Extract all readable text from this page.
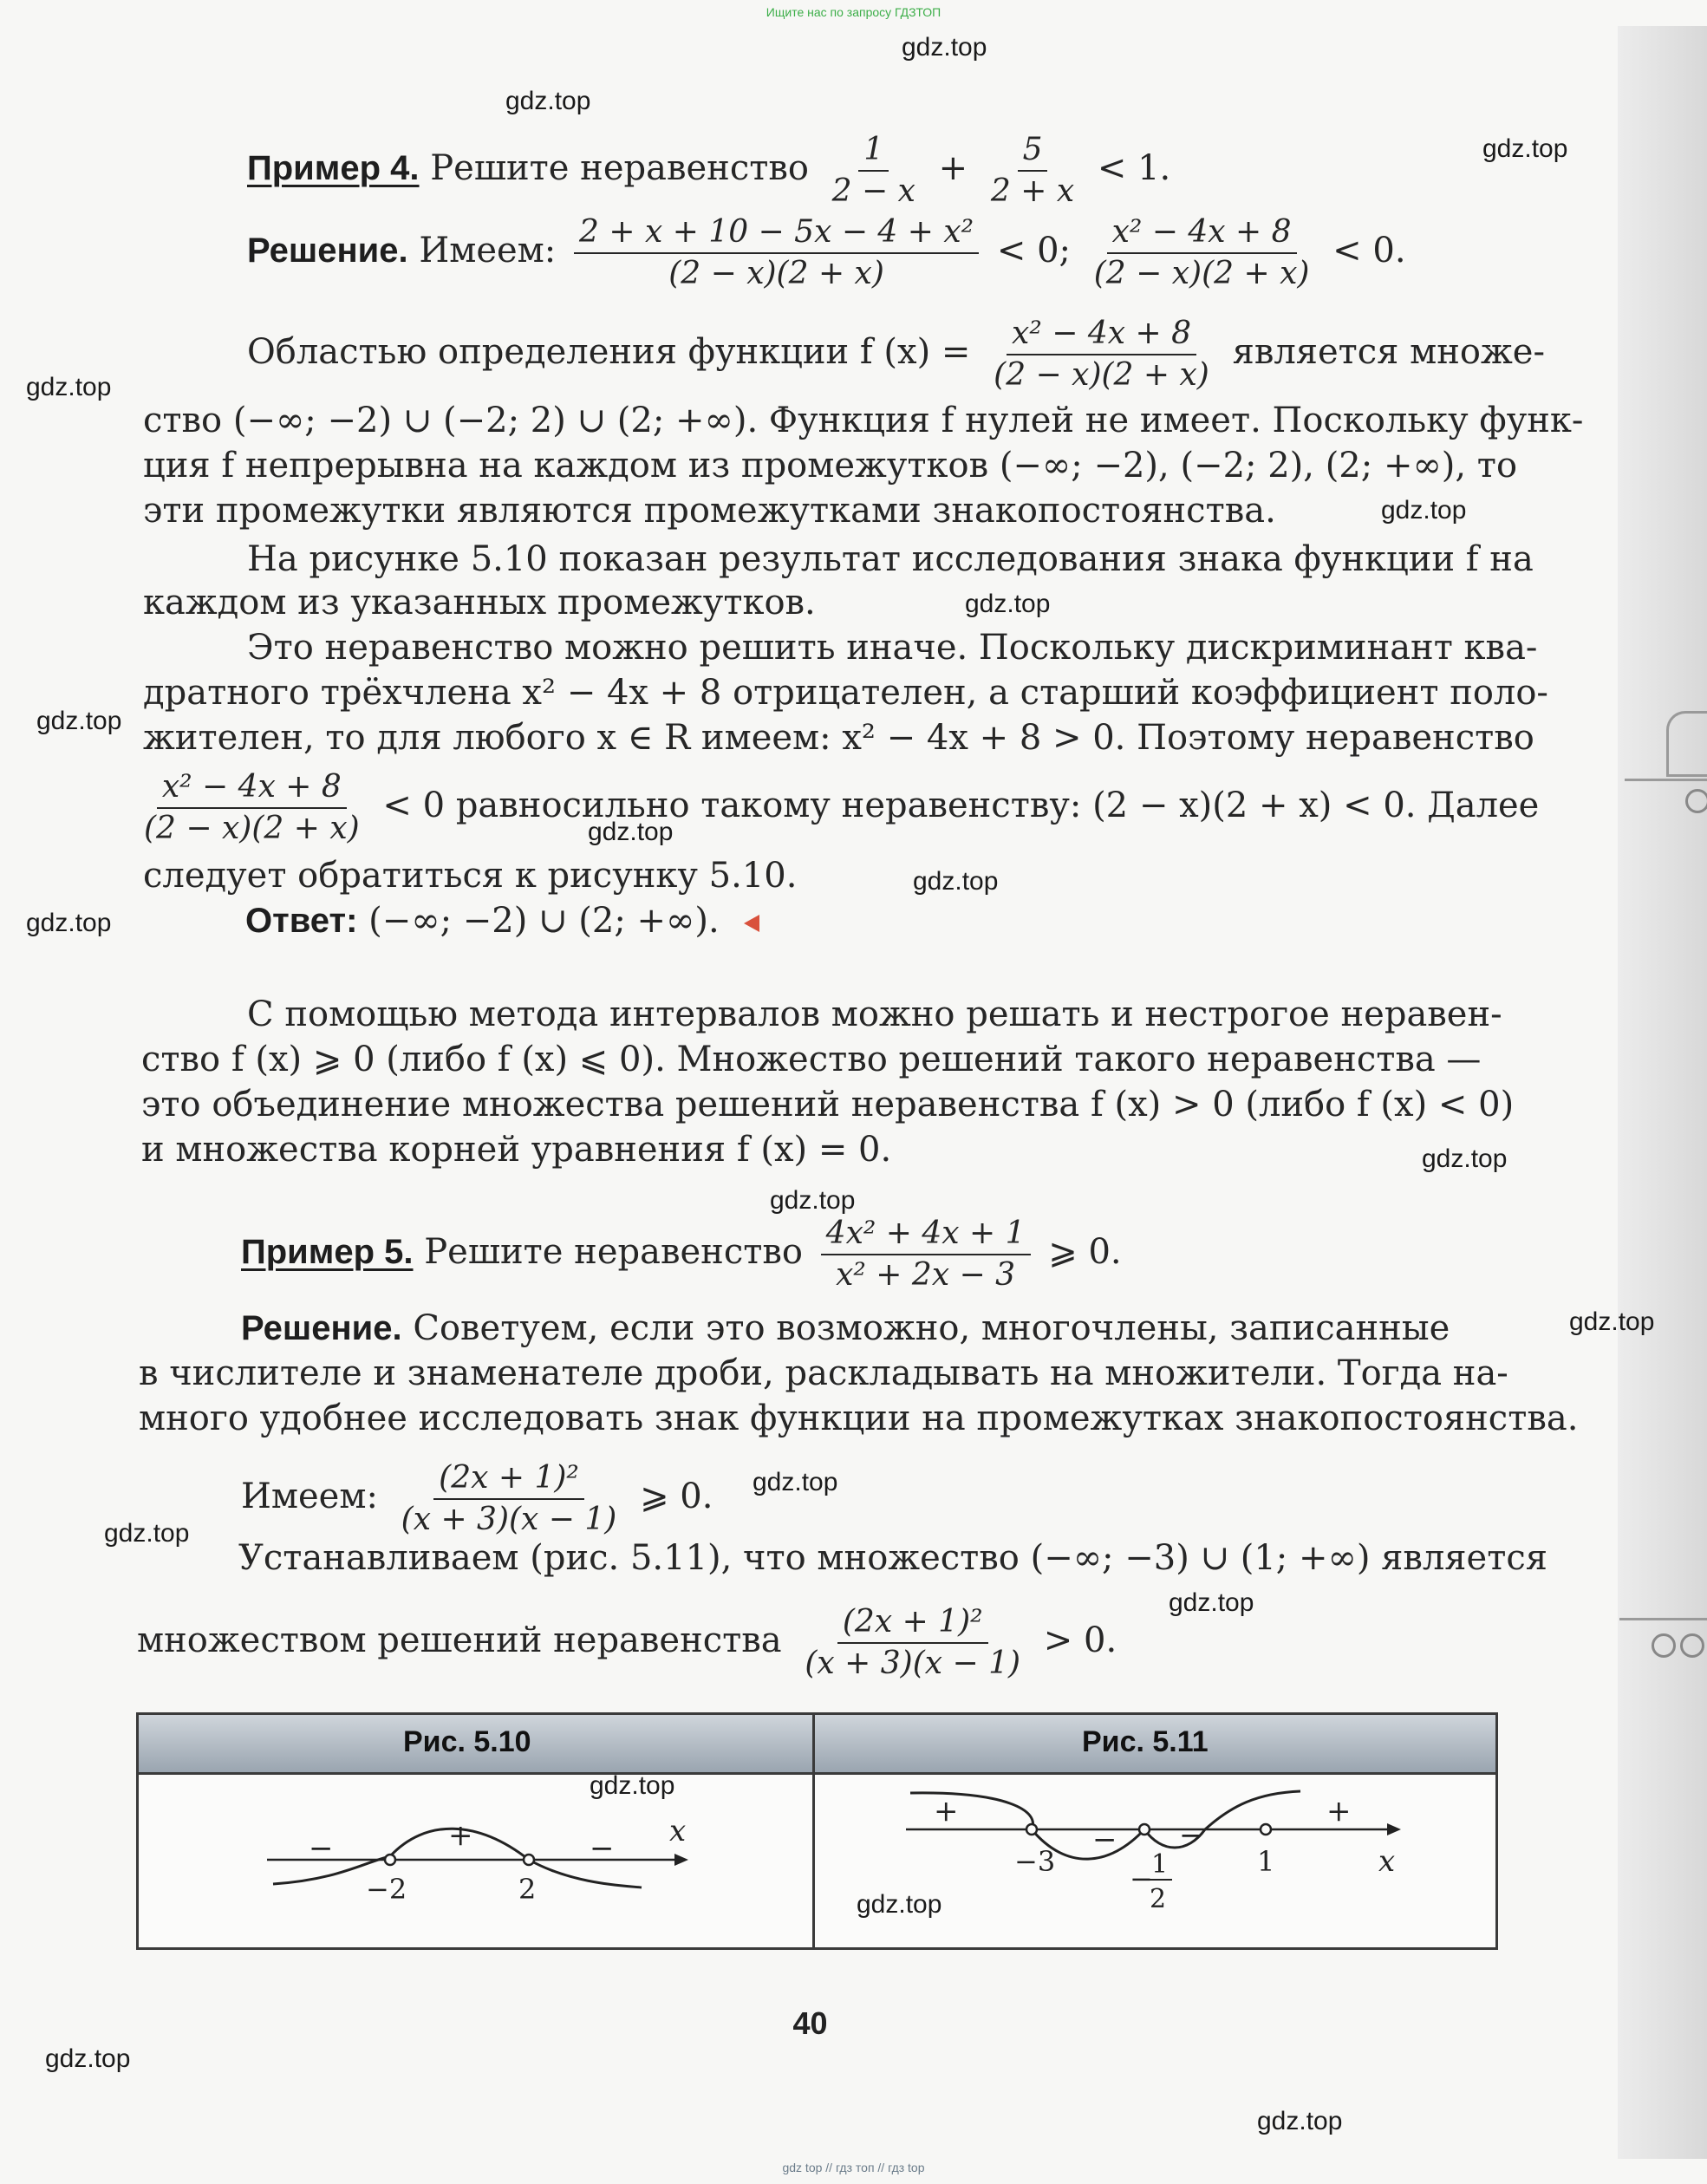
Ищите нас по запросу ГДЗТОП
Пример 4. Решите неравенство $\frac{1}{2 - x} + \frac{5}{2 + x} < 1$.
Решение. Имеем: $\frac{\text{2 + x + 10 − 5x − 4 + x²}}{(2 - x)(2 + x)} < 0$; $\frac{\text{x² − 4x + 8}}{(2 - x)(2 + x)} < 0$.
Областью определения функции f $(x) = \frac{\text{x² − 4x + 8}}{(2 - x)(2 + x)}$ является множе-
ство (−∞; −2) ∪ (−2; 2) ∪ (2; +∞). Функция f нулей не имеет. Поскольку функ-
ция f непрерывна на каждом из промежутков (−∞; −2), (−2; 2), (2; +∞), то
эти промежутки являются промежутками знакопостоянства.
На рисунке 5.10 показан результат исследования знака функции f на
каждом из указанных промежутков.
Это неравенство можно решить иначе. Поскольку дискриминант ква-
дратного трёхчлена x² − 4x + 8 отрицателен, а старший коэффициент поло-
жителен, то для любого x ∈ R имеем: x² − 4x + 8 > 0. Поэтому неравенство
$\frac{\text{x² − 4x + 8}}{(2 - x)(2 + x)} < 0$ равносильно такому неравенству: (2 − x)(2 + x) < 0. Далее
следует обратиться к рисунку 5.10.
Ответ: (−∞; −2) ∪ (2; +∞).
С помощью метода интервалов можно решать и нестрогое неравен-
ство f (x) ⩾ 0 (либо f (x) ⩽ 0). Множество решений такого неравенства —
это объединение множества решений неравенства f (x) > 0 (либо f (x) < 0)
и множества корней уравнения f (x) = 0.
Пример 5. Решите неравенство $\frac{\text{4x² + 4x + 1}}{\text{x² + 2x − 3}}$ ⩾ 0.
Решение. Советуем, если это возможно, многочлены, записанные
в числителе и знаменателе дроби, раскладывать на множители. Тогда на-
много удобнее исследовать знак функции на промежутках знакопостоянства.
Имеем: $\frac{\text{(2x + 1)²}}{(x + 3)(x - 1)}$ ⩾ 0.
Устанавливаем (рис. 5.11), что множество (−∞; −3) ∪ (1; +∞) является
множеством решений неравенства $\frac{\text{(2x + 1)²}}{(x + 3)(x - 1)} > 0$.
Рис. 5.10	Рис. 5.11
x
−	+	−
−2	2
+
− −
+
−3
−
1
1
2
x
40
gdz.top
gdz.top
gdz.top
gdz.top
gdz.top
gdz.top
gdz.top
gdz.top
gdz.top
gdz.top
gdz.top
gdz.top
gdz.top
gdz.top
gdz.top
gdz.top
gdz.top
gdz.top
gdz.top
gdz.top
gdz top // гдз топ // гдз top
